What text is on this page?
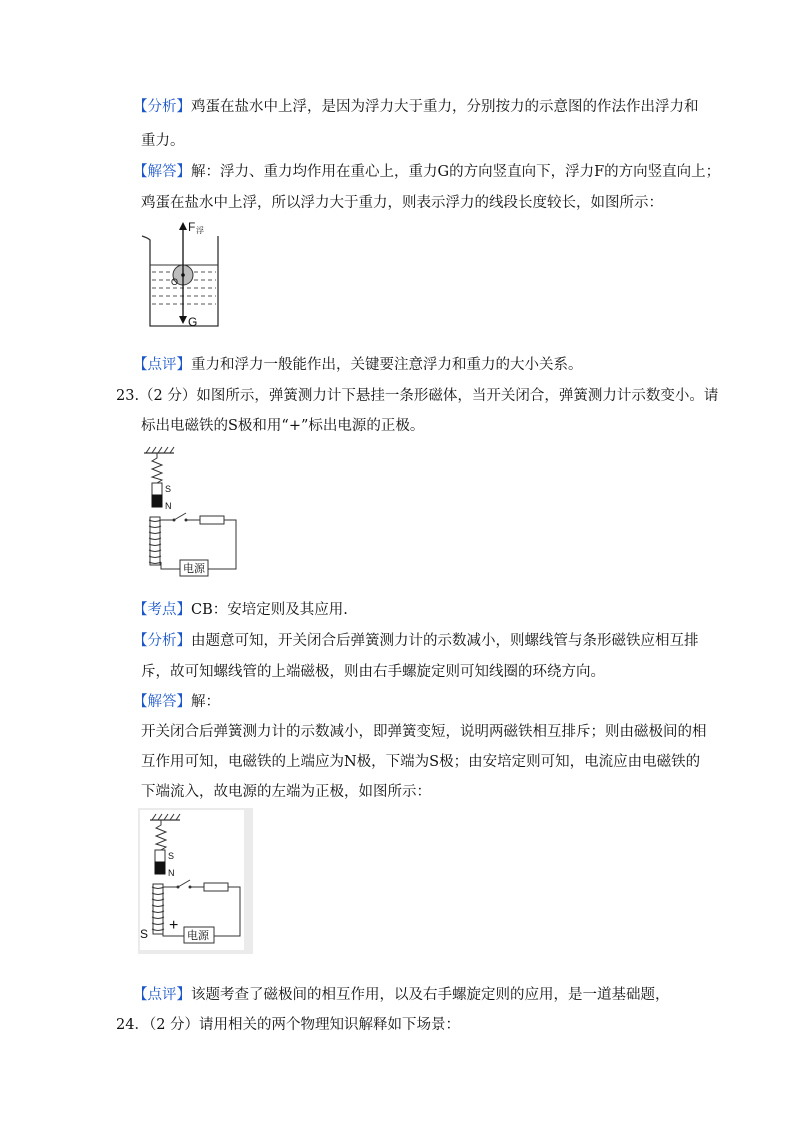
【分析】鸡蛋在盐水中上浮，是因为浮力大于重力，分别按力的示意图的作法作出浮力和
重力。
【解答】解：浮力、重力均作用在重心上，重力G的方向竖直向下，浮力F的方向竖直向上；
鸡蛋在盐水中上浮，所以浮力大于重力，则表示浮力的线段长度较长，如图所示：
F 浮
O
G
【点评】重力和浮力一般能作出，关键要注意浮力和重力的大小关系。
23.（2 分）如图所示，弹簧测力计下悬挂一条形磁体，当开关闭合，弹簧测力计示数变小。请
标出电磁铁的S极和用“+”标出电源的正极。
S
N
电源
【考点】CB：安培定则及其应用.
【分析】由题意可知，开关闭合后弹簧测力计的示数减小，则螺线管与条形磁铁应相互排
斥，故可知螺线管的上端磁极，则由右手螺旋定则可知线圈的环绕方向。
【解答】解：
开关闭合后弹簧测力计的示数减小，即弹簧变短，说明两磁铁相互排斥；则由磁极间的相
互作用可知，电磁铁的上端应为N极，下端为S极；由安培定则可知，电流应由电磁铁的
下端流入，故电源的左端为正极，如图所示：
S
N
电源
+
S
【点评】该题考查了磁极间的相互作用，以及右手螺旋定则的应用，是一道基础题，
24．（2 分）请用相关的两个物理知识解释如下场景：
